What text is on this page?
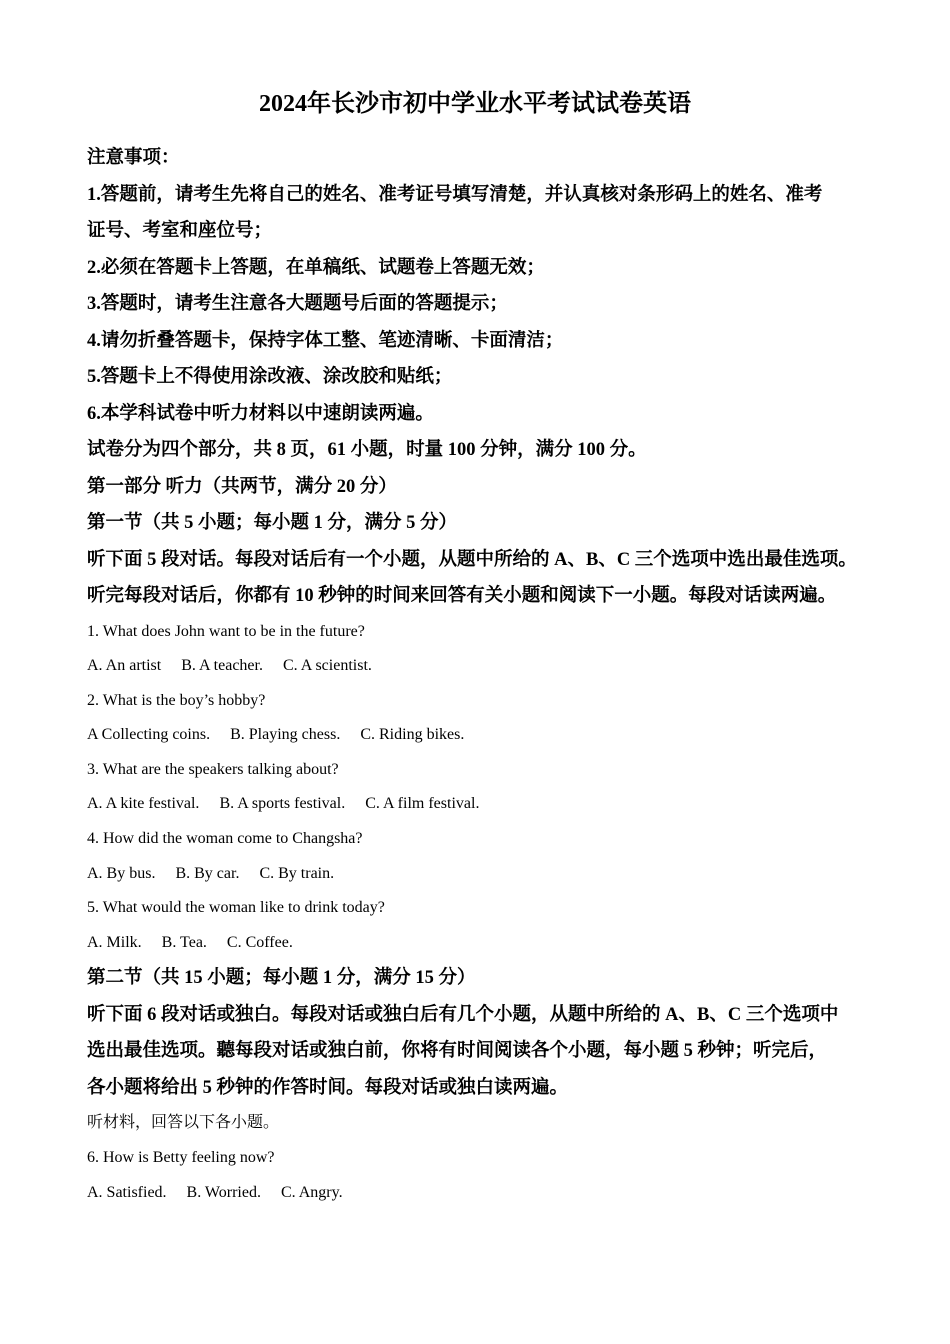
2024年长沙市初中学业水平考试试卷英语
注意事项：
1.答题前，请考生先将自己的姓名、准考证号填写清楚，并认真核对条形码上的姓名、准考
证号、考室和座位号；
2.必须在答题卡上答题，在单稿纸、试题卷上答题无效；
3.答题时，请考生注意各大题题号后面的答题提示；
4.请勿折叠答题卡，保持字体工整、笔迹清晰、卡面清洁；
5.答题卡上不得使用涂改液、涂改胶和贴纸；
6.本学科试卷中听力材料以中速朗读两遍。
试卷分为四个部分，共 8 页，61 小题，时量 100 分钟，满分 100 分。
第一部分 听力（共两节，满分 20 分）
第一节（共 5 小题；每小题 1 分，满分 5 分）
听下面 5 段对话。每段对话后有一个小题，从题中所给的 A、B、C 三个选项中选出最佳选项。
听完每段对话后，你都有 10 秒钟的时间来回答有关小题和阅读下一小题。每段对话读两遍。
1. What does John want to be in the future?
A. An artist B. A teacher. C. A scientist.
2. What is the boy’s hobby?
A Collecting coins. B. Playing chess. C. Riding bikes.
3. What are the speakers talking about?
A. A kite festival. B. A sports festival. C. A film festival.
4. How did the woman come to Changsha?
A. By bus. B. By car. C. By train.
5. What would the woman like to drink today?
A. Milk. B. Tea. C. Coffee.
第二节（共 15 小题；每小题 1 分，满分 15 分）
听下面 6 段对话或独白。每段对话或独白后有几个小题，从题中所给的 A、B、C 三个选项中
选出最佳选项。聽每段对话或独白前，你将有时间阅读各个小题，每小题 5 秒钟；听完后，
各小题将给出 5 秒钟的作答时间。每段对话或独白读两遍。
听材料，回答以下各小题。
6. How is Betty feeling now?
A. Satisfied. B. Worried. C. Angry.
